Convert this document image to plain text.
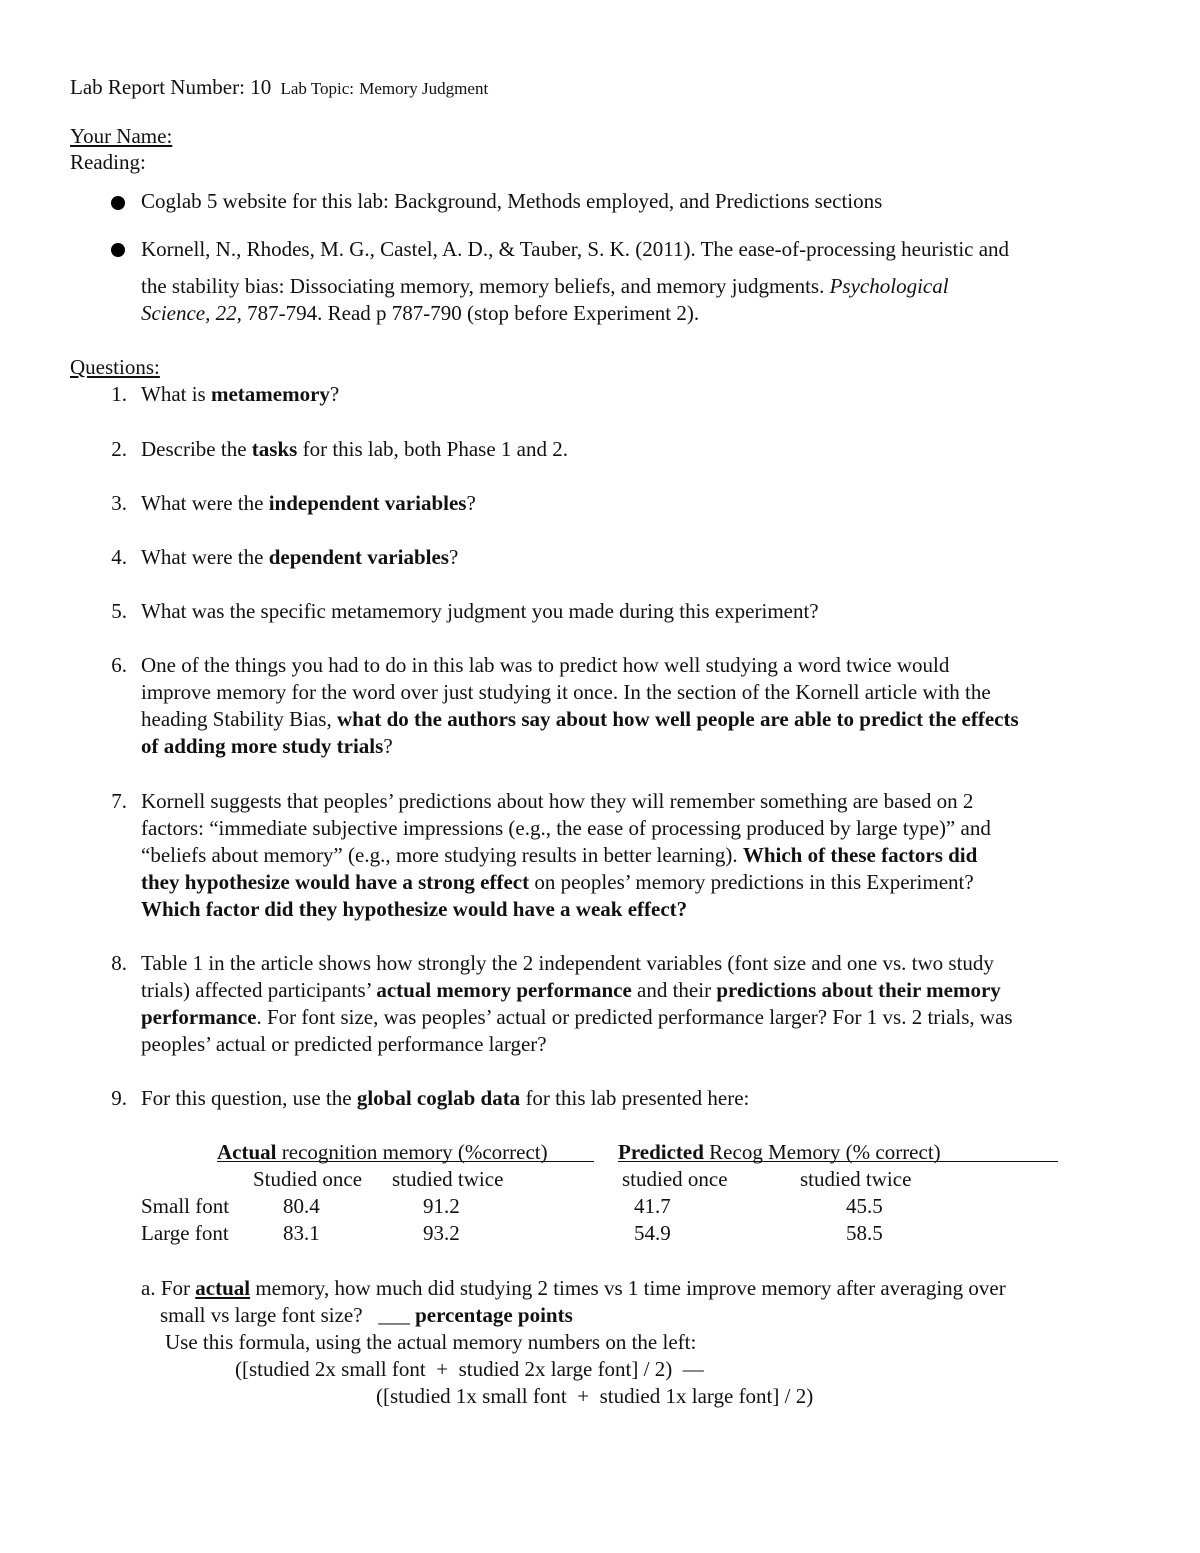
Lab Report Number: 10 Lab Topic: Memory Judgment
Your Name:
Reading:
Coglab 5 website for this lab: Background, Methods employed, and Predictions sections
Kornell, N., Rhodes, M. G., Castel, A. D., & Tauber, S. K. (2011). The ease-of-processing heuristic and
the stability bias: Dissociating memory, memory beliefs, and memory judgments. Psychological
Science, 22, 787-794. Read p 787-790 (stop before Experiment 2).
Questions:
1. What is metamemory?
2. Describe the tasks for this lab, both Phase 1 and 2.
3. What were the independent variables?
4. What were the dependent variables?
5. What was the specific metamemory judgment you made during this experiment?
6. One of the things you had to do in this lab was to predict how well studying a word twice would
improve memory for the word over just studying it once. In the section of the Kornell article with the
heading Stability Bias, what do the authors say about how well people are able to predict the effects
of adding more study trials?
7. Kornell suggests that peoples’ predictions about how they will remember something are based on 2
factors: “immediate subjective impressions (e.g., the ease of processing produced by large type)” and
“beliefs about memory” (e.g., more studying results in better learning). Which of these factors did
they hypothesize would have a strong effect on peoples’ memory predictions in this Experiment?
Which factor did they hypothesize would have a weak effect?
8. Table 1 in the article shows how strongly the 2 independent variables (font size and one vs. two study
trials) affected participants’ actual memory performance and their predictions about their memory
performance. For font size, was peoples’ actual or predicted performance larger? For 1 vs. 2 trials, was
peoples’ actual or predicted performance larger?
9. For this question, use the global coglab data for this lab presented here:
Actual recognition memory (%correct)	Predicted Recog Memory (% correct)
Studied once studied twice	studied once	studied twice
Small font	80.4	91.2	41.7	45.5
Large font	83.1	93.2	54.9	58.5
a. For actual memory, how much did studying 2 times vs 1 time improve memory after averaging over
small vs large font size?   ___ percentage points
Use this formula, using the actual memory numbers on the left:
([studied 2x small font  +  studied 2x large font] / 2)  —
([studied 1x small font  +  studied 1x large font] / 2)
